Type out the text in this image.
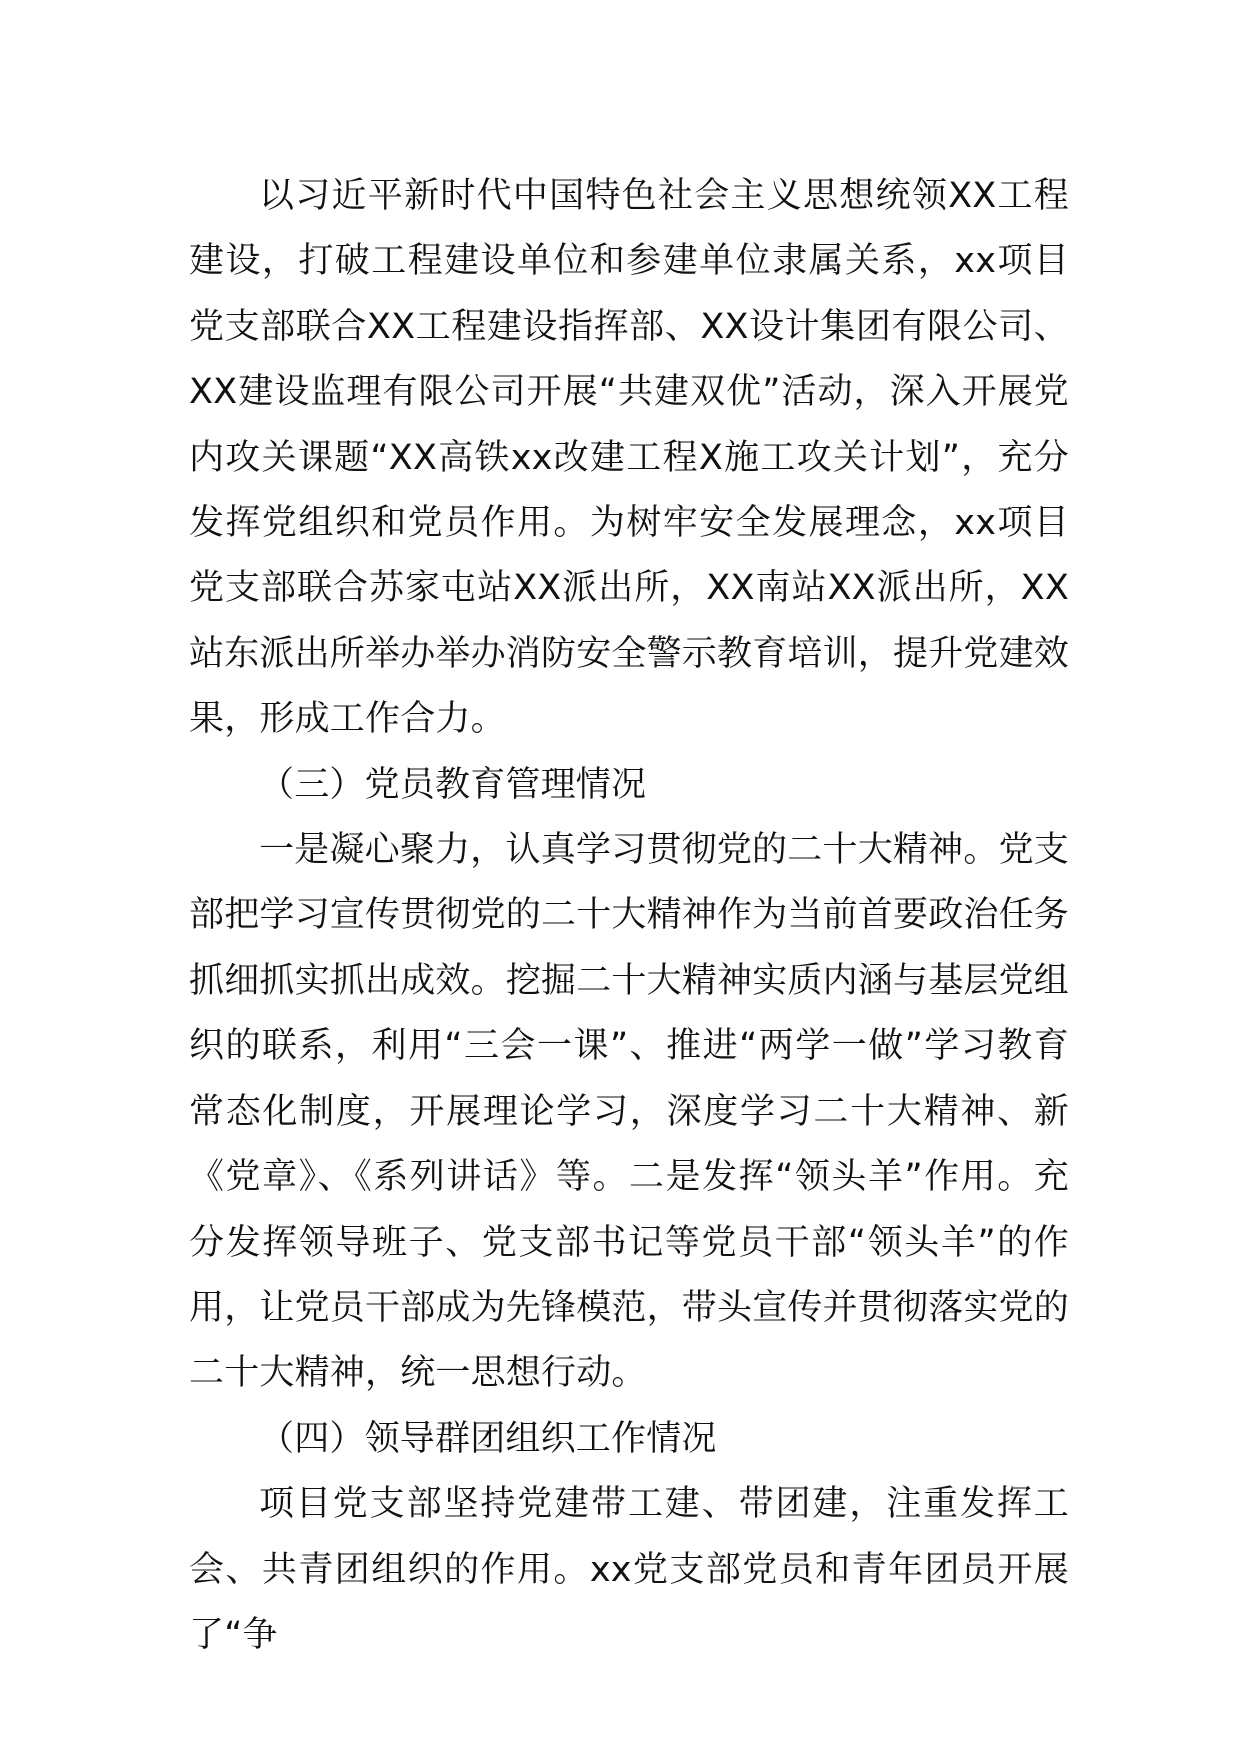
以习近平新时代中国特色社会主义思想统领XX工程建设，打破工程建设单位和参建单位隶属关系，xx项目党支部联合XX工程建设指挥部、XX设计集团有限公司、XX建设监理有限公司开展“共建双优”活动，深入开展党内攻关课题“XX高铁xx改建工程X施工攻关计划”，充分发挥党组织和党员作用。为树牢安全发展理念，xx项目党支部联合苏家屯站XX派出所，XX南站XX派出所，XX站东派出所举办举办消防安全警示教育培训，提升党建效果，形成工作合力。

（三）党员教育管理情况

一是凝心聚力，认真学习贯彻党的二十大精神。党支部把学习宣传贯彻党的二十大精神作为当前首要政治任务抓细抓实抓出成效。挖掘二十大精神实质内涵与基层党组织的联系，利用“三会一课”、推进“两学一做”学习教育常态化制度，开展理论学习，深度学习二十大精神、新《党章》、《系列讲话》等。二是发挥“领头羊”作用。充分发挥领导班子、党支部书记等党员干部“领头羊”的作用，让党员干部成为先锋模范，带头宣传并贯彻落实党的二十大精神，统一思想行动。

（四）领导群团组织工作情况

项目党支部坚持党建带工建、带团建，注重发挥工会、共青团组织的作用。xx党支部党员和青年团员开展了“争
